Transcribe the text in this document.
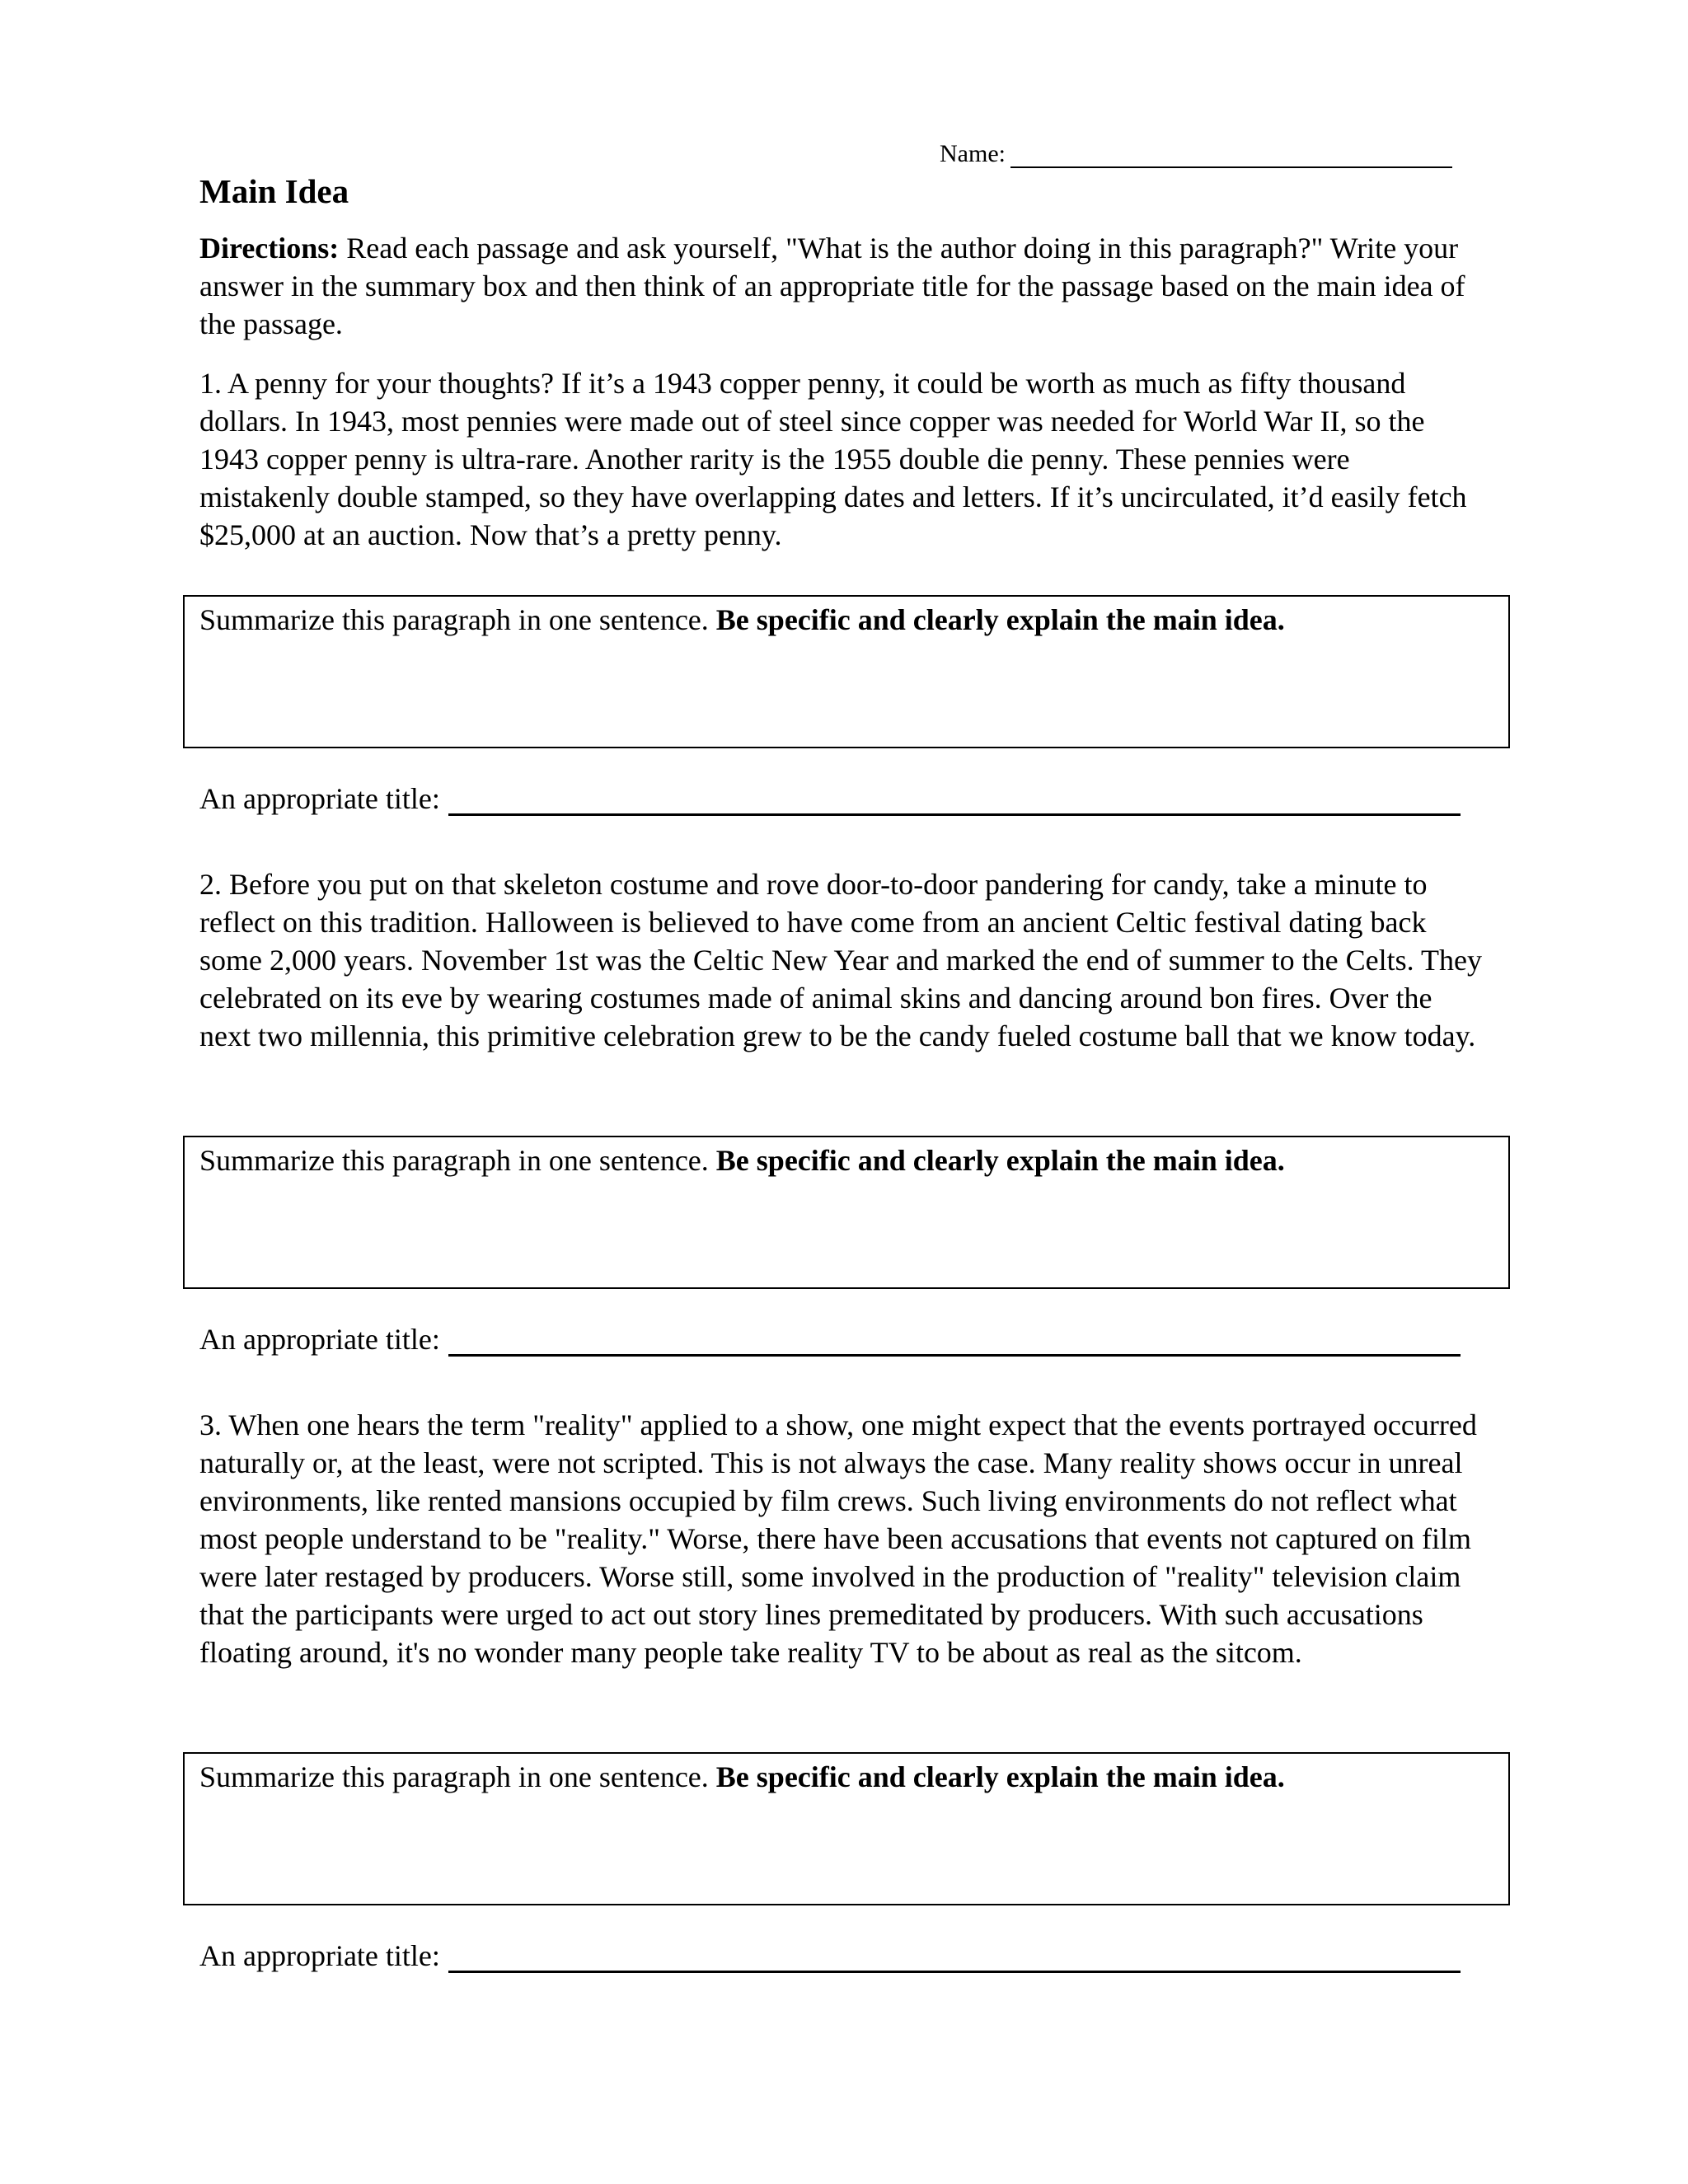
Name:
Main Idea

Directions: Read each passage and ask yourself, "What is the author doing in this paragraph?" Write your answer in the summary box and then think of an appropriate title for the passage based on the main idea of the passage.

1. A penny for your thoughts? If it’s a 1943 copper penny, it could be worth as much as fifty thousand dollars. In 1943, most pennies were made out of steel since copper was needed for World War II, so the 1943 copper penny is ultra-rare. Another rarity is the 1955 double die penny. These pennies were mistakenly double stamped, so they have overlapping dates and letters. If it’s uncirculated, it’d easily fetch $25,000 at an auction. Now that’s a pretty penny.

Summarize this paragraph in one sentence. Be specific and clearly explain the main idea.
An appropriate title:

2. Before you put on that skeleton costume and rove door-to-door pandering for candy, take a minute to reflect on this tradition. Halloween is believed to have come from an ancient Celtic festival dating back some 2,000 years. November 1st was the Celtic New Year and marked the end of summer to the Celts. They celebrated on its eve by wearing costumes made of animal skins and dancing around bon fires. Over the next two millennia, this primitive celebration grew to be the candy fueled costume ball that we know today.

Summarize this paragraph in one sentence. Be specific and clearly explain the main idea.
An appropriate title:

3. When one hears the term "reality" applied to a show, one might expect that the events portrayed occurred naturally or, at the least, were not scripted. This is not always the case. Many reality shows occur in unreal environments, like rented mansions occupied by film crews. Such living environments do not reflect what most people understand to be "reality." Worse, there have been accusations that events not captured on film were later restaged by producers. Worse still, some involved in the production of "reality" television claim that the participants were urged to act out story lines premeditated by producers. With such accusations floating around, it's no wonder many people take reality TV to be about as real as the sitcom.

Summarize this paragraph in one sentence. Be specific and clearly explain the main idea.
An appropriate title:
